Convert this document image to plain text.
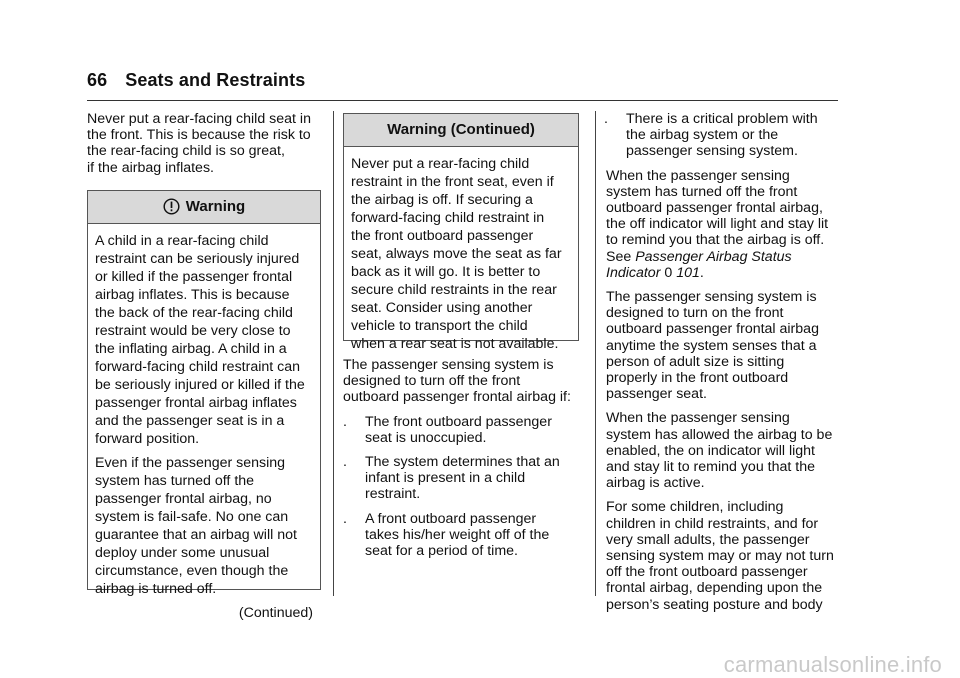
66 Seats and Restraints

Never put a rear-facing child seat in
the front. This is because the risk to
the rear-facing child is so great,
if the airbag inflates.

Warning

A child in a rear-facing child
restraint can be seriously injured
or killed if the passenger frontal
airbag inflates. This is because
the back of the rear-facing child
restraint would be very close to
the inflating airbag. A child in a
forward-facing child restraint can
be seriously injured or killed if the
passenger frontal airbag inflates
and the passenger seat is in a
forward position.

Even if the passenger sensing
system has turned off the
passenger frontal airbag, no
system is fail-safe. No one can
guarantee that an airbag will not
deploy under some unusual
circumstance, even though the
airbag is turned off.

(Continued)
Warning (Continued)

Never put a rear-facing child
restraint in the front seat, even if
the airbag is off. If securing a
forward-facing child restraint in
the front outboard passenger
seat, always move the seat as far
back as it will go. It is better to
secure child restraints in the rear
seat. Consider using another
vehicle to transport the child
when a rear seat is not available.

The passenger sensing system is
designed to turn off the front
outboard passenger frontal airbag if:

.	The front outboard passenger
seat is unoccupied.
.	The system determines that an
infant is present in a child
restraint.
.	A front outboard passenger
takes his/her weight off of the
seat for a period of time.
.	There is a critical problem with
the airbag system or the
passenger sensing system.

When the passenger sensing
system has turned off the front
outboard passenger frontal airbag,
the off indicator will light and stay lit
to remind you that the airbag is off.
See Passenger Airbag Status
Indicator 0 101.

The passenger sensing system is
designed to turn on the front
outboard passenger frontal airbag
anytime the system senses that a
person of adult size is sitting
properly in the front outboard
passenger seat.

When the passenger sensing
system has allowed the airbag to be
enabled, the on indicator will light
and stay lit to remind you that the
airbag is active.

For some children, including
children in child restraints, and for
very small adults, the passenger
sensing system may or may not turn
off the front outboard passenger
frontal airbag, depending upon the
person’s seating posture and body

carmanualsonline.info
